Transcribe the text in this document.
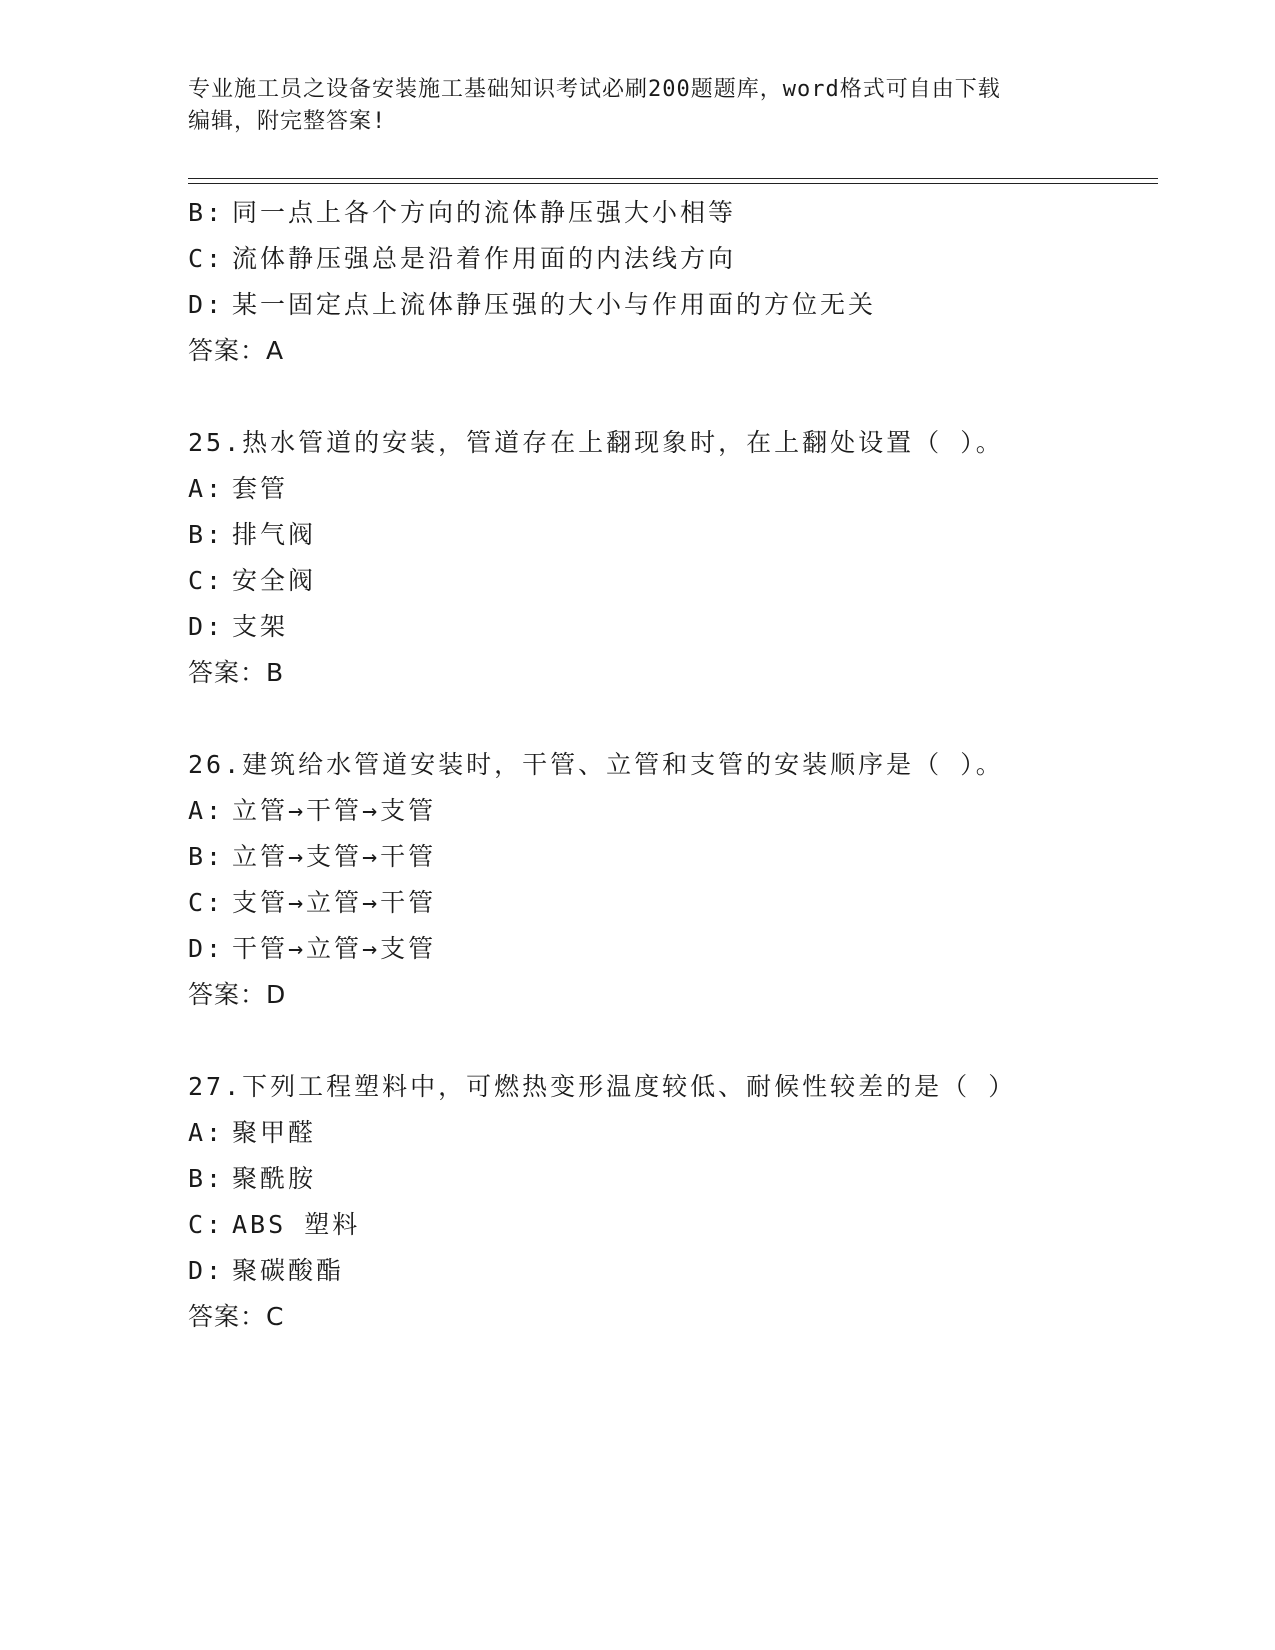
专业施工员之设备安装施工基础知识考试必刷200题题库，word格式可自由下载
编辑，附完整答案!
B: 同一点上各个方向的流体静压强大小相等
C: 流体静压强总是沿着作用面的内法线方向
D: 某一固定点上流体静压强的大小与作用面的方位无关
答案：A
25.热水管道的安装，管道存在上翻现象时，在上翻处设置（ ）。
A: 套管
B: 排气阀
C: 安全阀
D: 支架
答案：B
26.建筑给水管道安装时，干管、立管和支管的安装顺序是（ ）。
A: 立管→干管→支管
B: 立管→支管→干管
C: 支管→立管→干管
D: 干管→立管→支管
答案：D
27.下列工程塑料中，可燃热变形温度较低、耐候性较差的是（ ）
A: 聚甲醛
B: 聚酰胺
C: ABS 塑料
D: 聚碳酸酯
答案：C
